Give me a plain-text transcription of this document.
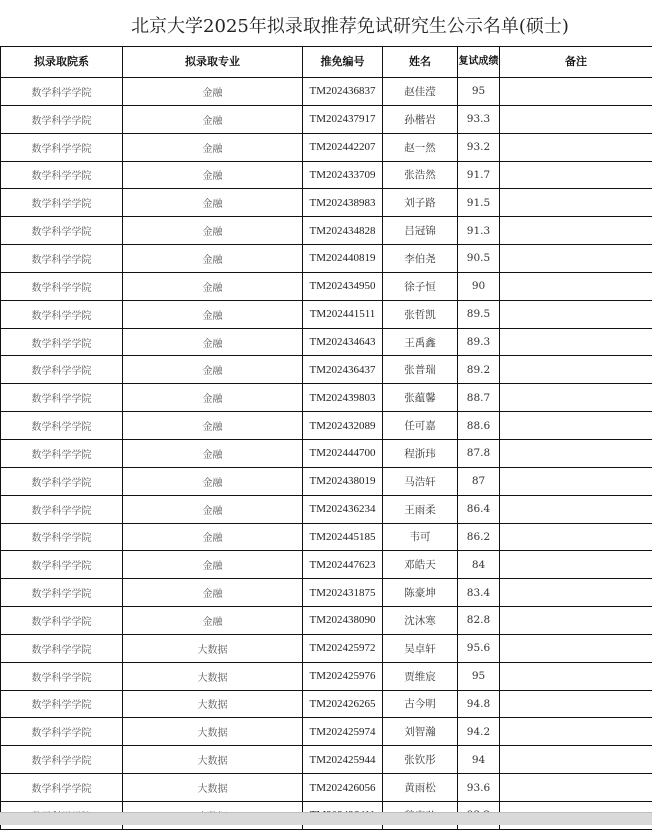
北京大学2025年拟录取推荐免试研究生公示名单(硕士)
拟录取院系	拟录取专业	推免编号	姓名	复试成绩	备注
数学科学学院	金融	TM202436837	赵佳滢	95	
数学科学学院	金融	TM202437917	孙楷岩	93.3	
数学科学学院	金融	TM202442207	赵一然	93.2	
数学科学学院	金融	TM202433709	张浩然	91.7	
数学科学学院	金融	TM202438983	刘子路	91.5	
数学科学学院	金融	TM202434828	吕冠锦	91.3	
数学科学学院	金融	TM202440819	李伯尧	90.5	
数学科学学院	金融	TM202434950	徐子恒	90	
数学科学学院	金融	TM202441511	张哲凯	89.5	
数学科学学院	金融	TM202434643	王禹鑫	89.3	
数学科学学院	金融	TM202436437	张普瑞	89.2	
数学科学学院	金融	TM202439803	张蕴馨	88.7	
数学科学学院	金融	TM202432089	任可嘉	88.6	
数学科学学院	金融	TM202444700	程浙玮	87.8	
数学科学学院	金融	TM202438019	马浩轩	87	
数学科学学院	金融	TM202436234	王雨柔	86.4	
数学科学学院	金融	TM202445185	韦可	86.2	
数学科学学院	金融	TM202447623	邓皓天	84	
数学科学学院	金融	TM202431875	陈豪坤	83.4	
数学科学学院	金融	TM202438090	沈沐寒	82.8	
数学科学学院	大数据	TM202425972	吴卓轩	95.6	
数学科学学院	大数据	TM202425976	贾维宸	95	
数学科学学院	大数据	TM202426265	古今明	94.8	
数学科学学院	大数据	TM202425974	刘智瀚	94.2	
数学科学学院	大数据	TM202425944	张钦彤	94	
数学科学学院	大数据	TM202426056	黄雨松	93.6	
